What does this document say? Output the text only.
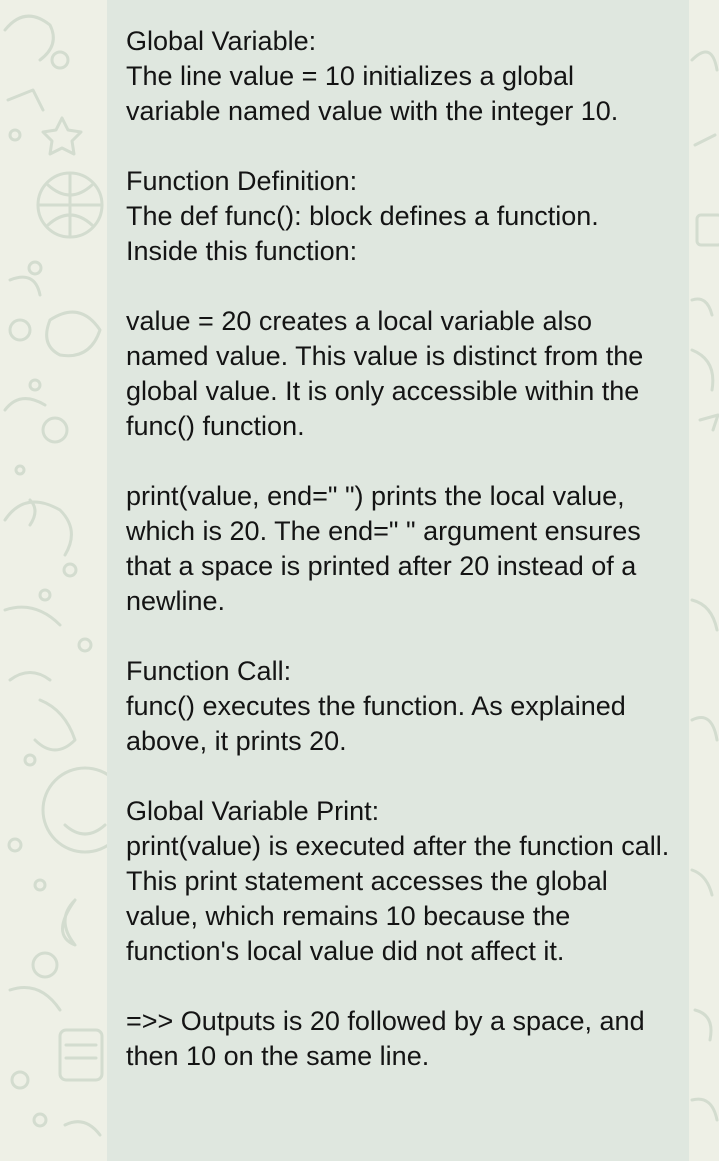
Global Variable:
The line value = 10 initializes a global variable named value with the integer 10.

Function Definition:
The def func(): block defines a function. Inside this function:

value = 20 creates a local variable also named value. This value is distinct from the global value. It is only accessible within the func() function.

print(value, end=" ") prints the local value, which is 20. The end=" " argument ensures that a space is printed after 20 instead of a newline.

Function Call:
func() executes the function. As explained above, it prints 20.

Global Variable Print:
print(value) is executed after the function call. This print statement accesses the global value, which remains 10 because the function's local value did not affect it.

=>> Outputs is 20 followed by a space, and then 10 on the same line.
